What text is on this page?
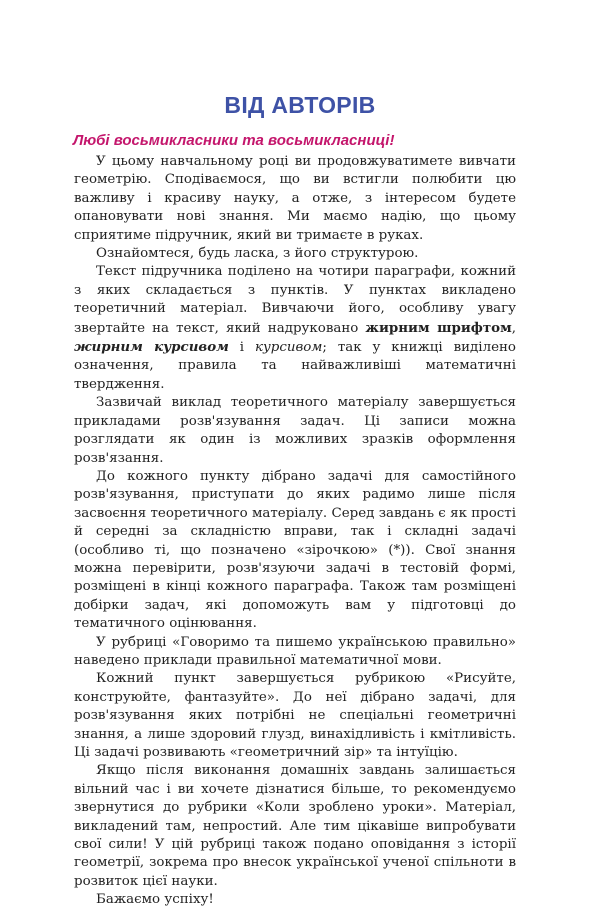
ВІД АВТОРІВ
Любі восьмикласники та восьмикласниці!

У цьому навчальному році ви продовжуватимете вивчати геометрію. Сподіваємося, що ви встигли полюбити цю важливу і красиву науку, а отже, з інтересом будете опановувати нові знання. Ми маємо надію, що цьому сприятиме підручник, який ви тримаєте в руках.

Ознайомтеся, будь ласка, з його структурою.

Текст підручника поділено на чотири параграфи, кожний з яких складається з пунктів. У пунктах викладено теоретичний матеріал. Вивчаючи його, особливу увагу звертайте на текст, який надруковано жирним шрифтом, жирним курсивом і курсивом; так у книжці виділено означення, правила та найважливіші математичні твердження.

Зазвичай виклад теоретичного матеріалу завершується прикладами розв'язування задач. Ці записи можна розглядати як один із можливих зразків оформлення розв'язання.

До кожного пункту дібрано задачі для самостійного розв'язування, приступати до яких радимо лише після засвоєння теоретичного матеріалу. Серед завдань є як прості й середні за складністю вправи, так і складні задачі (особливо ті, що позначено «зірочкою» (*)). Свої знання можна перевірити, розв'язуючи задачі в тестовій формі, розміщені в кінці кожного параграфа. Також там розміщені добірки задач, які допоможуть вам у підготовці до тематичного оцінювання.

У рубриці «Говоримо та пишемо українською правильно» наведено приклади правильної математичної мови.

Кожний пункт завершується рубрикою «Рисуйте, конструюйте, фантазуйте». До неї дібрано задачі, для розв'язування яких потрібні не спеціальні геометричні знання, а лише здоровий глузд, винахідливість і кмітливість. Ці задачі розвивають «геометричний зір» та інтуїцію.

Якщо після виконання домашніх завдань залишається вільний час і ви хочете дізнатися більше, то рекомендуємо звернутися до рубрики «Коли зроблено уроки». Матеріал, викладений там, непростий. Але тим цікавіше випробувати свої сили! У цій рубриці також подано оповідання з історії геометрії, зокрема про внесок української ученої спільноти в розвиток цієї науки.

Бажаємо успіху!
